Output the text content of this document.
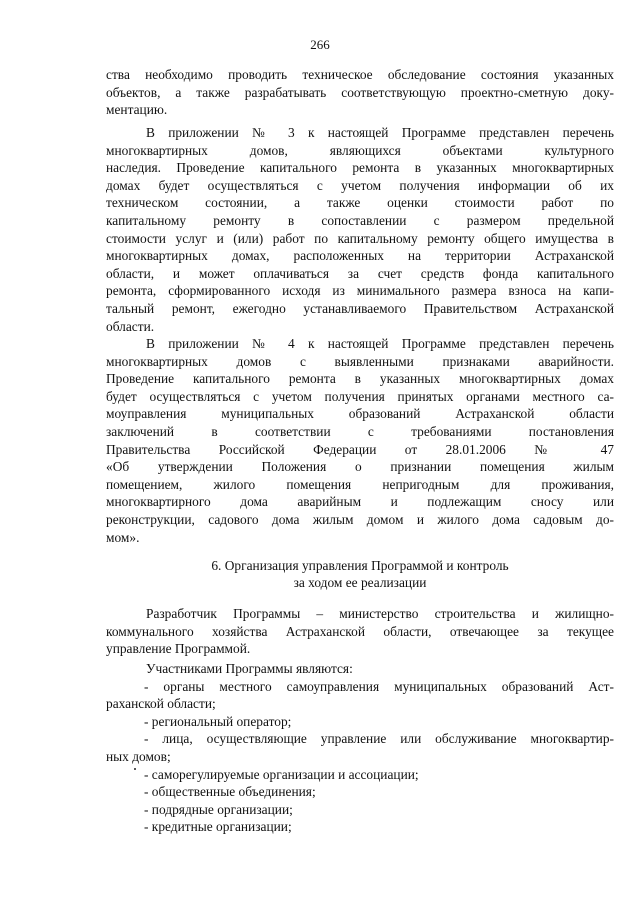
266
ства необходимо проводить техническое обследование состояния указанных
объектов, а также разрабатывать соответствующую проектно-сметную доку-
ментацию.
В приложении № 3 к настоящей Программе представлен перечень
многоквартирных домов, являющихся объектами культурного
наследия. Проведение капитального ремонта в указанных многоквартирных
домах будет осуществляться с учетом получения информации об их
техническом состоянии, а также оценки стоимости работ по
капитальному ремонту в сопоставлении с размером предельной
стоимости услуг и (или) работ по капитальному ремонту общего имущества в
многоквартирных домах, расположенных на территории Астраханской
области, и может оплачиваться за счет средств фонда капитального
ремонта, сформированного исходя из минимального размера взноса на капи-
тальный ремонт, ежегодно устанавливаемого Правительством Астраханской
области.
В приложении № 4 к настоящей Программе представлен перечень
многоквартирных домов с выявленными признаками аварийности.
Проведение капитального ремонта в указанных многоквартирных домах
будет осуществляться с учетом получения принятых органами местного са-
моуправления муниципальных образований Астраханской области
заключений в соответствии с требованиями постановления
Правительства Российской Федерации от 28.01.2006 № 47
«Об утверждении Положения о признании помещения жилым
помещением, жилого помещения непригодным для проживания,
многоквартирного дома аварийным и подлежащим сносу или
реконструкции, садового дома жилым домом и жилого дома садовым до-
мом».
6. Организация управления Программой и контроль
за ходом ее реализации
Разработчик Программы – министерство строительства и жилищно-
коммунального хозяйства Астраханской области, отвечающее за текущее
управление Программой.
Участниками Программы являются:
- органы местного самоуправления муниципальных образований Аст-
раханской области;
- региональный оператор;
- лица, осуществляющие управление или обслуживание многоквартир-
ных домов;
- саморегулируемые организации и ассоциации;
- общественные объединения;
- подрядные организации;
- кредитные организации;
